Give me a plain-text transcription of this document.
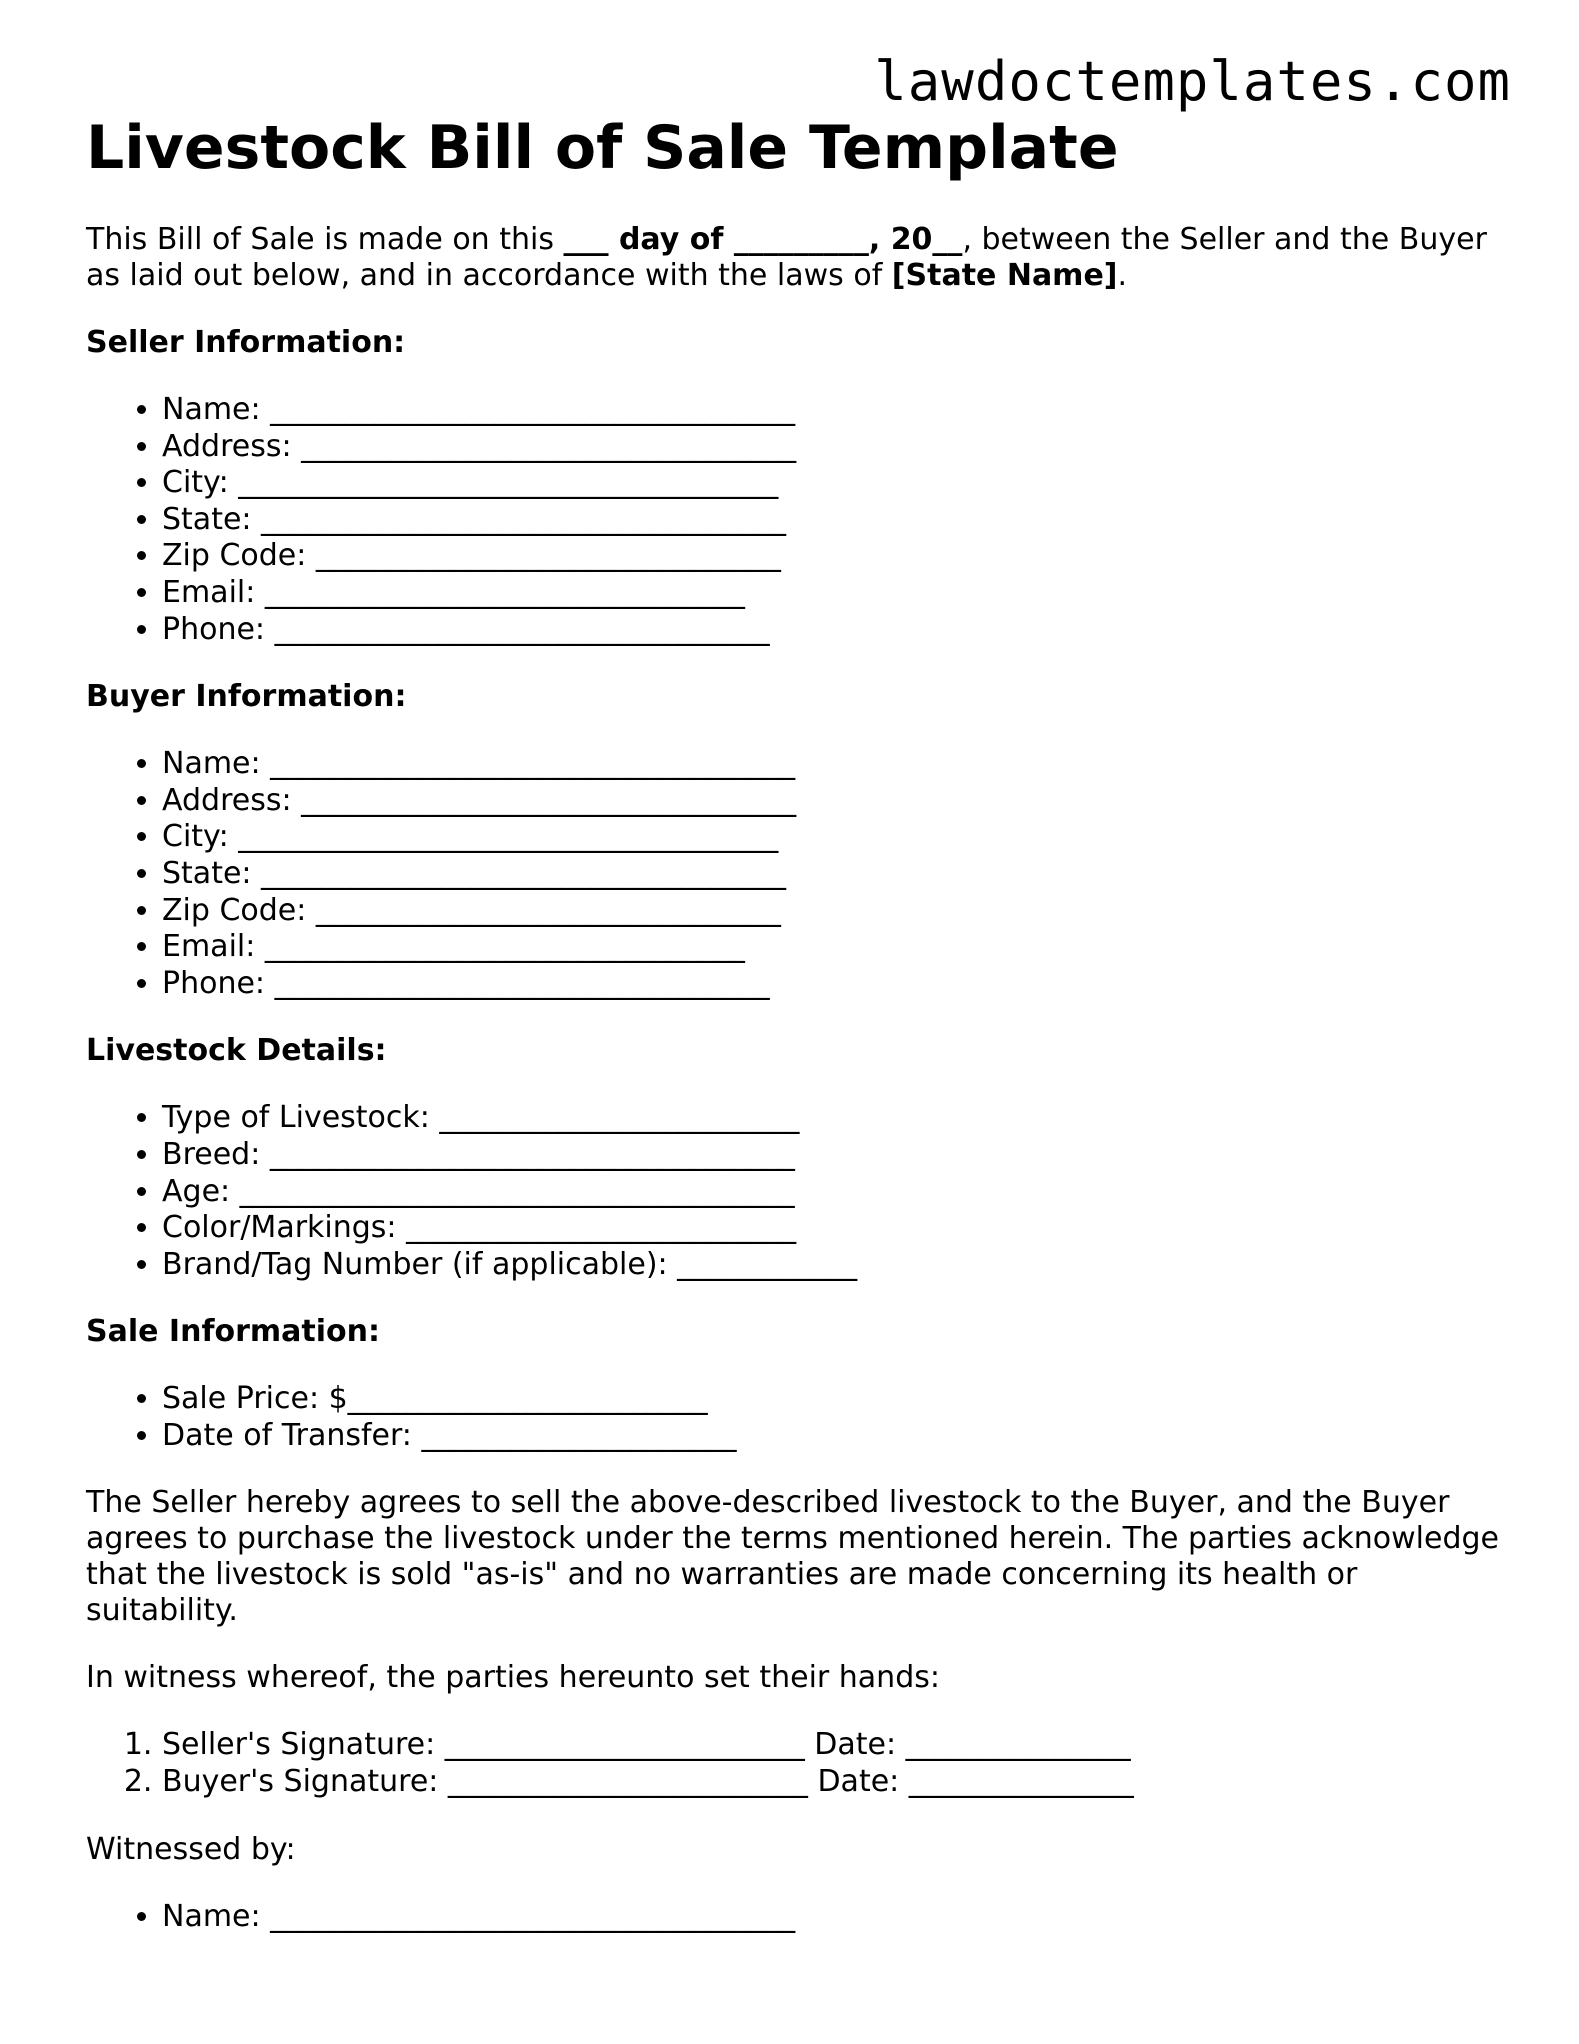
lawdoctemplates.com
Livestock Bill of Sale Template

This Bill of Sale is made on this ___ day of _________, 20__, between the Seller and the Buyer as laid out below, and in accordance with the laws of [State Name].

Seller Information:
• Name: ___________________________________
• Address: _________________________________
• City: ____________________________________
• State: ___________________________________
• Zip Code: _______________________________
• Email: ________________________________
• Phone: _________________________________
Buyer Information:
• Name: ___________________________________
• Address: _________________________________
• City: ____________________________________
• State: ___________________________________
• Zip Code: _______________________________
• Email: ________________________________
• Phone: _________________________________
Livestock Details:
• Type of Livestock: ________________________
• Breed: ___________________________________
• Age: _____________________________________
• Color/Markings: __________________________
• Brand/Tag Number (if applicable): ____________
Sale Information:
• Sale Price: $________________________
• Date of Transfer: _____________________

The Seller hereby agrees to sell the above-described livestock to the Buyer, and the Buyer agrees to purchase the livestock under the terms mentioned herein. The parties acknowledge that the livestock is sold "as-is" and no warranties are made concerning its health or suitability.

In witness whereof, the parties hereunto set their hands:

1. Seller's Signature: ________________________ Date: _______________
2. Buyer's Signature: ________________________ Date: _______________

Witnessed by:

• Name: ___________________________________
